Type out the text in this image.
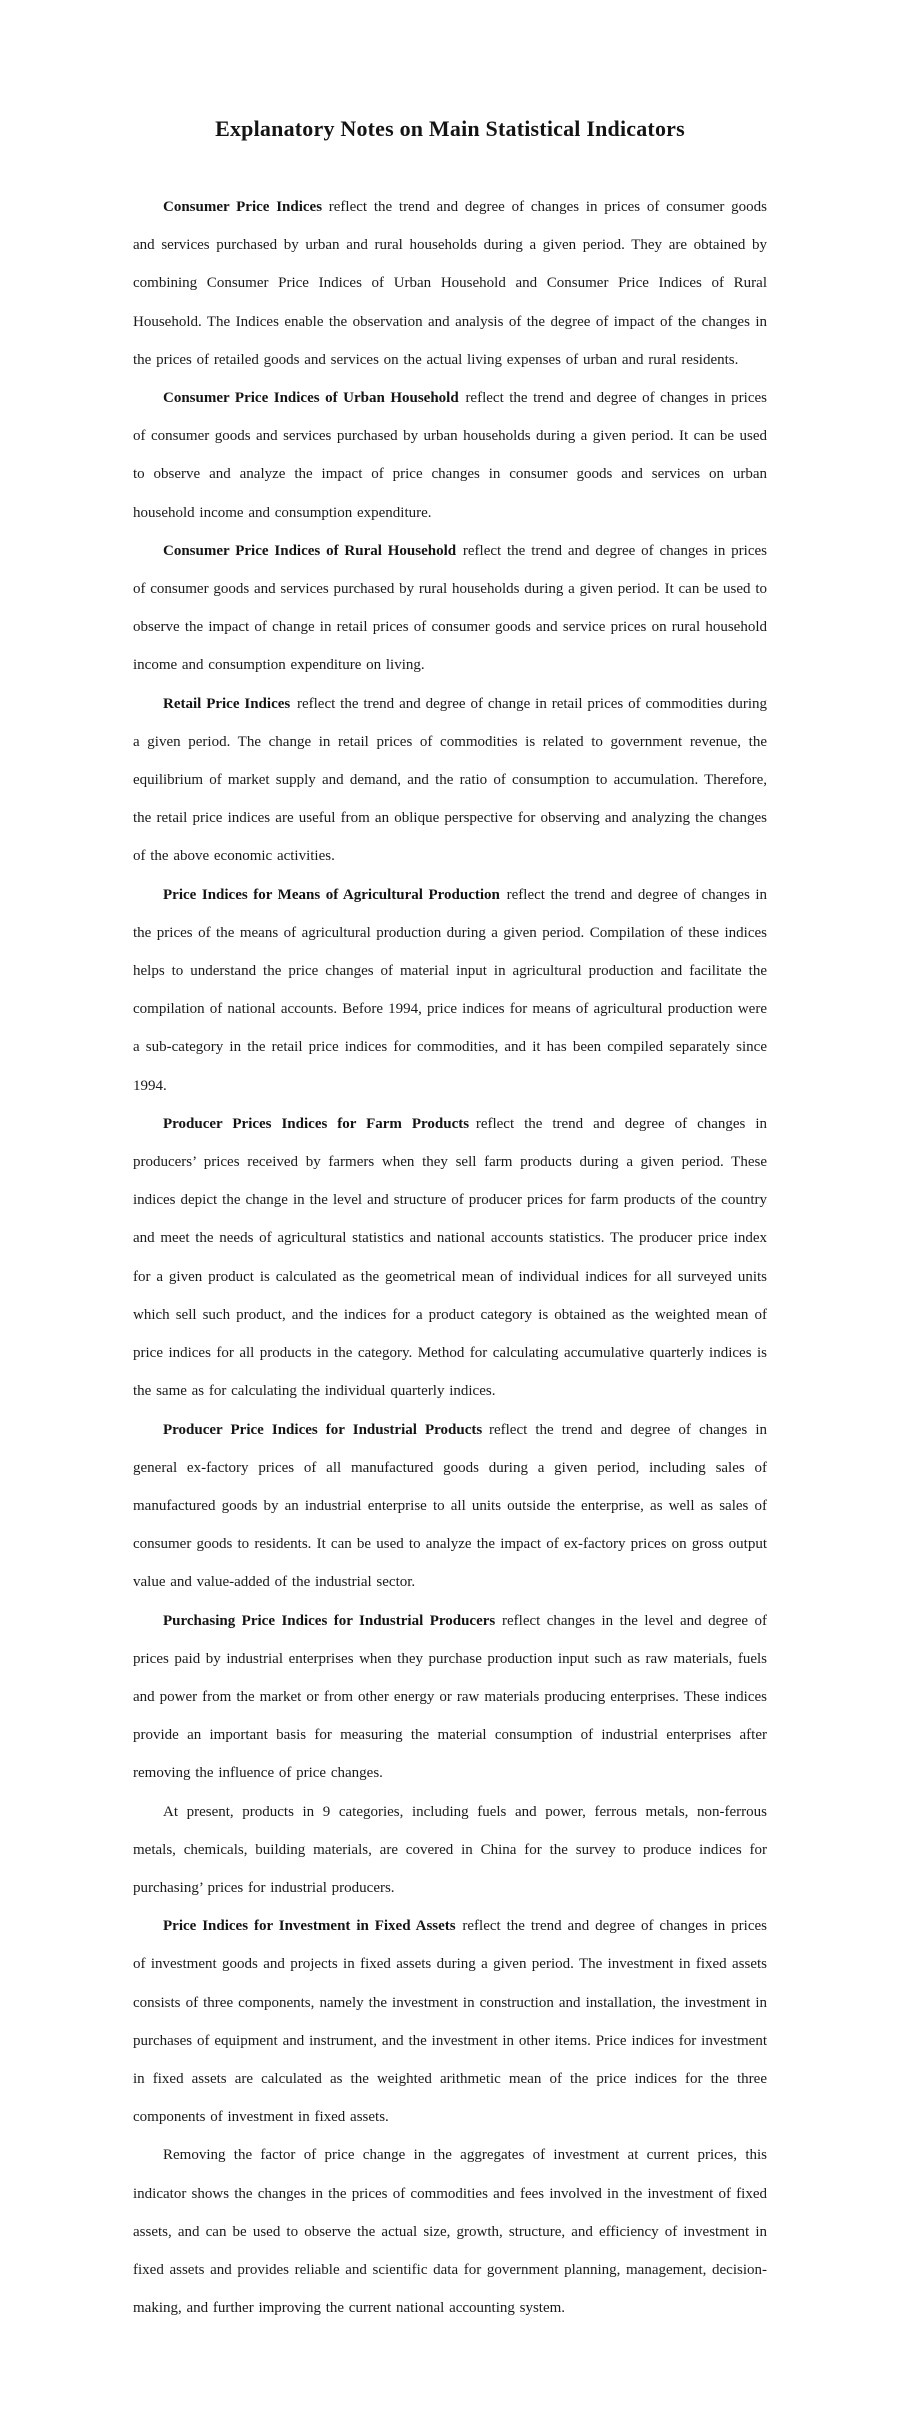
Explanatory Notes on Main Statistical Indicators

Consumer Price Indices reflect the trend and degree of changes in prices of consumer goods and services purchased by urban and rural households during a given period. They are obtained by combining Consumer Price Indices of Urban Household and Consumer Price Indices of Rural Household. The Indices enable the observation and analysis of the degree of impact of the changes in the prices of retailed goods and services on the actual living expenses of urban and rural residents.

Consumer Price Indices of Urban Household reflect the trend and degree of changes in prices of consumer goods and services purchased by urban households during a given period. It can be used to observe and analyze the impact of price changes in consumer goods and services on urban household income and consumption expenditure.

Consumer Price Indices of Rural Household reflect the trend and degree of changes in prices of consumer goods and services purchased by rural households during a given period. It can be used to observe the impact of change in retail prices of consumer goods and service prices on rural household income and consumption expenditure on living.

Retail Price Indices reflect the trend and degree of change in retail prices of commodities during a given period. The change in retail prices of commodities is related to government revenue, the equilibrium of market supply and demand, and the ratio of consumption to accumulation. Therefore, the retail price indices are useful from an oblique perspective for observing and analyzing the changes of the above economic activities.

Price Indices for Means of Agricultural Production reflect the trend and degree of changes in the prices of the means of agricultural production during a given period. Compilation of these indices helps to understand the price changes of material input in agricultural production and facilitate the compilation of national accounts. Before 1994, price indices for means of agricultural production were a sub-category in the retail price indices for commodities, and it has been compiled separately since 1994.

Producer Prices Indices for Farm Products reflect the trend and degree of changes in producers’ prices received by farmers when they sell farm products during a given period. These indices depict the change in the level and structure of producer prices for farm products of the country and meet the needs of agricultural statistics and national accounts statistics. The producer price index for a given product is calculated as the geometrical mean of individual indices for all surveyed units which sell such product, and the indices for a product category is obtained as the weighted mean of price indices for all products in the category. Method for calculating accumulative quarterly indices is the same as for calculating the individual quarterly indices.

Producer Price Indices for Industrial Products reflect the trend and degree of changes in general ex-factory prices of all manufactured goods during a given period, including sales of manufactured goods by an industrial enterprise to all units outside the enterprise, as well as sales of consumer goods to residents. It can be used to analyze the impact of ex-factory prices on gross output value and value-added of the industrial sector.

Purchasing Price Indices for Industrial Producers reflect changes in the level and degree of prices paid by industrial enterprises when they purchase production input such as raw materials, fuels and power from the market or from other energy or raw materials producing enterprises. These indices provide an important basis for measuring the material consumption of industrial enterprises after removing the influence of price changes.

At present, products in 9 categories, including fuels and power, ferrous metals, non-ferrous metals, chemicals, building materials, are covered in China for the survey to produce indices for purchasing’ prices for industrial producers.

Price Indices for Investment in Fixed Assets reflect the trend and degree of changes in prices of investment goods and projects in fixed assets during a given period. The investment in fixed assets consists of three components, namely the investment in construction and installation, the investment in purchases of equipment and instrument, and the investment in other items. Price indices for investment in fixed assets are calculated as the weighted arithmetic mean of the price indices for the three components of investment in fixed assets.

Removing the factor of price change in the aggregates of investment at current prices, this indicator shows the changes in the prices of commodities and fees involved in the investment of fixed assets, and can be used to observe the actual size, growth, structure, and efficiency of investment in fixed assets and provides reliable and scientific data for government planning, management, decision-making, and further improving the current national accounting system.
